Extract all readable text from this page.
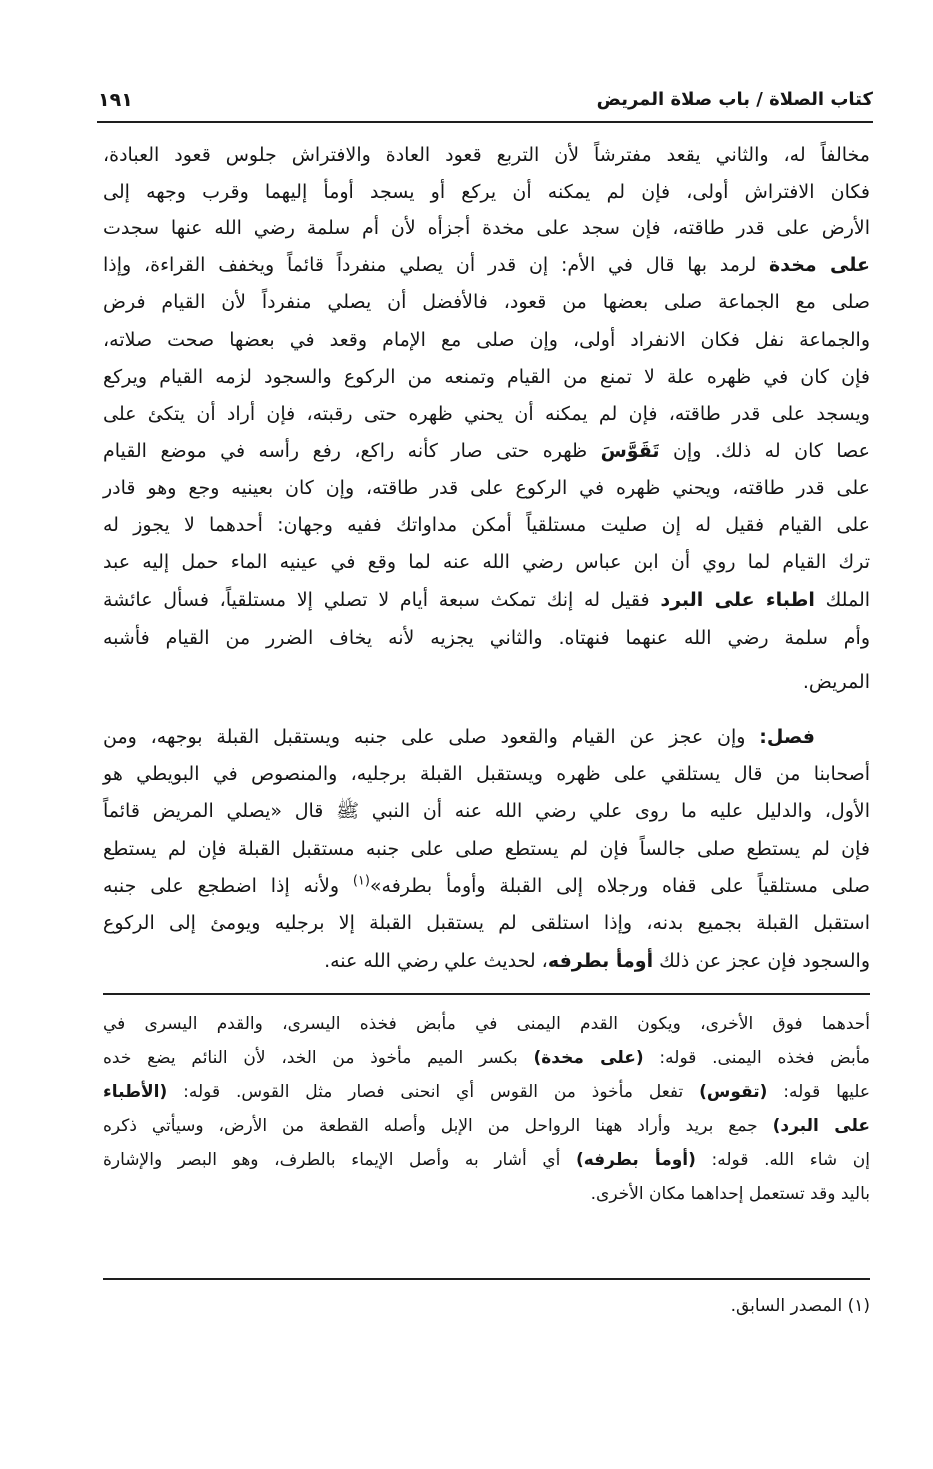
كتاب الصلاة / باب صلاة المريض
١٩١
مخالفاً له، والثاني يقعد مفترشاً لأن التربع قعود العادة والافتراش جلوس قعود العبادة،
فكان الافتراش أولى، فإن لم يمكنه أن يركع أو يسجد أومأ إليهما وقرب وجهه إلى
الأرض على قدر طاقته، فإن سجد على مخدة أجزأه لأن أم سلمة رضي الله عنها سجدت
على مخدة لرمد بها قال في الأم: إن قدر أن يصلي منفرداً قائماً ويخفف القراءة، وإذا
صلى مع الجماعة صلى بعضها من قعود، فالأفضل أن يصلي منفرداً لأن القيام فرض
والجماعة نفل فكان الانفراد أولى، وإن صلى مع الإمام وقعد في بعضها صحت صلاته،
فإن كان في ظهره علة لا تمنع من القيام وتمنعه من الركوع والسجود لزمه القيام ويركع
ويسجد على قدر طاقته، فإن لم يمكنه أن يحني ظهره حتى رقبته، فإن أراد أن يتكئ على
عصا كان له ذلك. وإن تَقَوَّسَ ظهره حتى صار كأنه راكع، رفع رأسه في موضع القيام
على قدر طاقته، ويحني ظهره في الركوع على قدر طاقته، وإن كان بعينيه وجع وهو قادر
على القيام فقيل له إن صليت مستلقياً أمكن مداواتك ففيه وجهان: أحدهما لا يجوز له
ترك القيام لما روي أن ابن عباس رضي الله عنه لما وقع في عينيه الماء حمل إليه عبد
الملك اطباء على البرد فقيل له إنك تمكث سبعة أيام لا تصلي إلا مستلقياً، فسأل عائشة
وأم سلمة رضي الله عنهما فنهتاه. والثاني يجزيه لأنه يخاف الضرر من القيام فأشبه
المريض.
فصل: وإن عجز عن القيام والقعود صلى على جنبه ويستقبل القبلة بوجهه، ومن
أصحابنا من قال يستلقي على ظهره ويستقبل القبلة برجليه، والمنصوص في البويطي هو
الأول، والدليل عليه ما روى علي رضي الله عنه أن النبي ﷺ قال «يصلي المريض قائماً
فإن لم يستطع صلى جالساً فإن لم يستطع صلى على جنبه مستقبل القبلة فإن لم يستطع
صلى مستلقياً على قفاه ورجلاه إلى القبلة وأومأ بطرفه»$^{(١)}$ ولأنه إذا اضطجع على جنبه
استقبل القبلة بجميع بدنه، وإذا استلقى لم يستقبل القبلة إلا برجليه ويومئ إلى الركوع
والسجود فإن عجز عن ذلك أومأ بطرفه، لحديث علي رضي الله عنه.
أحدهما فوق الأخرى، ويكون القدم اليمنى في مأبض فخذه اليسرى، والقدم اليسرى في
مأبض فخذه اليمنى. قوله: (على مخدة) بكسر الميم مأخوذ من الخد، لأن النائم يضع خده
عليها قوله: (تقوس) تفعل مأخوذ من القوس أي انحنى فصار مثل القوس. قوله: (الأطباء
على البرد) جمع بريد وأراد ههنا الرواحل من الإبل وأصله القطعة من الأرض، وسيأتي ذكره
إن شاء الله. قوله: (أومأ بطرفه) أي أشار به وأصل الإيماء بالطرف، وهو البصر والإشارة
باليد وقد تستعمل إحداهما مكان الأخرى.
(١) المصدر السابق.
